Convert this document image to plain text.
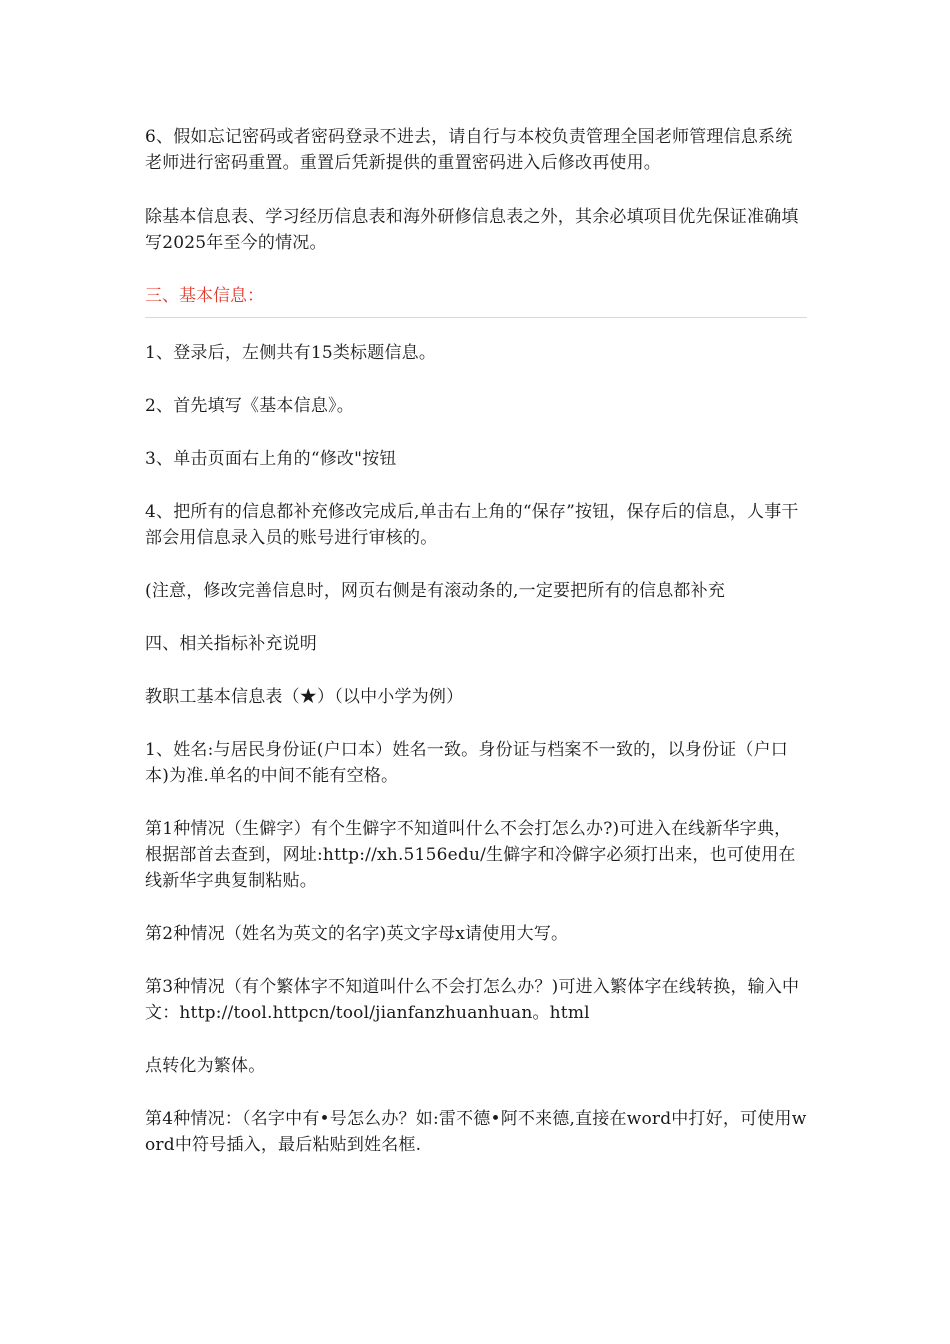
6、假如忘记密码或者密码登录不进去，请自行与本校负责管理全国老师管理信息系统老师进行密码重置。重置后凭新提供的重置密码进入后修改再使用。

除基本信息表、学习经历信息表和海外研修信息表之外，其余必填项目优先保证准确填写2025年至今的情况。

三、基本信息：

1、登录后，左侧共有15类标题信息。

2、首先填写《基本信息》。

3、单击页面右上角的“修改"按钮

4、把所有的信息都补充修改完成后,单击右上角的“保存”按钮，保存后的信息，人事干部会用信息录入员的账号进行审核的。

(注意，修改完善信息时，网页右侧是有滚动条的,一定要把所有的信息都补充

四、相关指标补充说明

教职工基本信息表（★）（以中小学为例）

1、姓名:与居民身份证(户口本）姓名一致。身份证与档案不一致的，以身份证（户口本)为准.单名的中间不能有空格。

第1种情况（生僻字）有个生僻字不知道叫什么不会打怎么办?)可进入在线新华字典，根据部首去查到，网址:http://xh.5156edu/生僻字和冷僻字必须打出来，也可使用在线新华字典复制粘贴。

第2种情况（姓名为英文的名字)英文字母x请使用大写。

第3种情况（有个繁体字不知道叫什么不会打怎么办？)可进入繁体字在线转换，输入中文：http://tool.httpcn/tool/jianfanzhuanhuan。html

点转化为繁体。

第4种情况：（名字中有•号怎么办？如:雷不德•阿不来德,直接在word中打好，可使用word中符号插入，最后粘贴到姓名框.
